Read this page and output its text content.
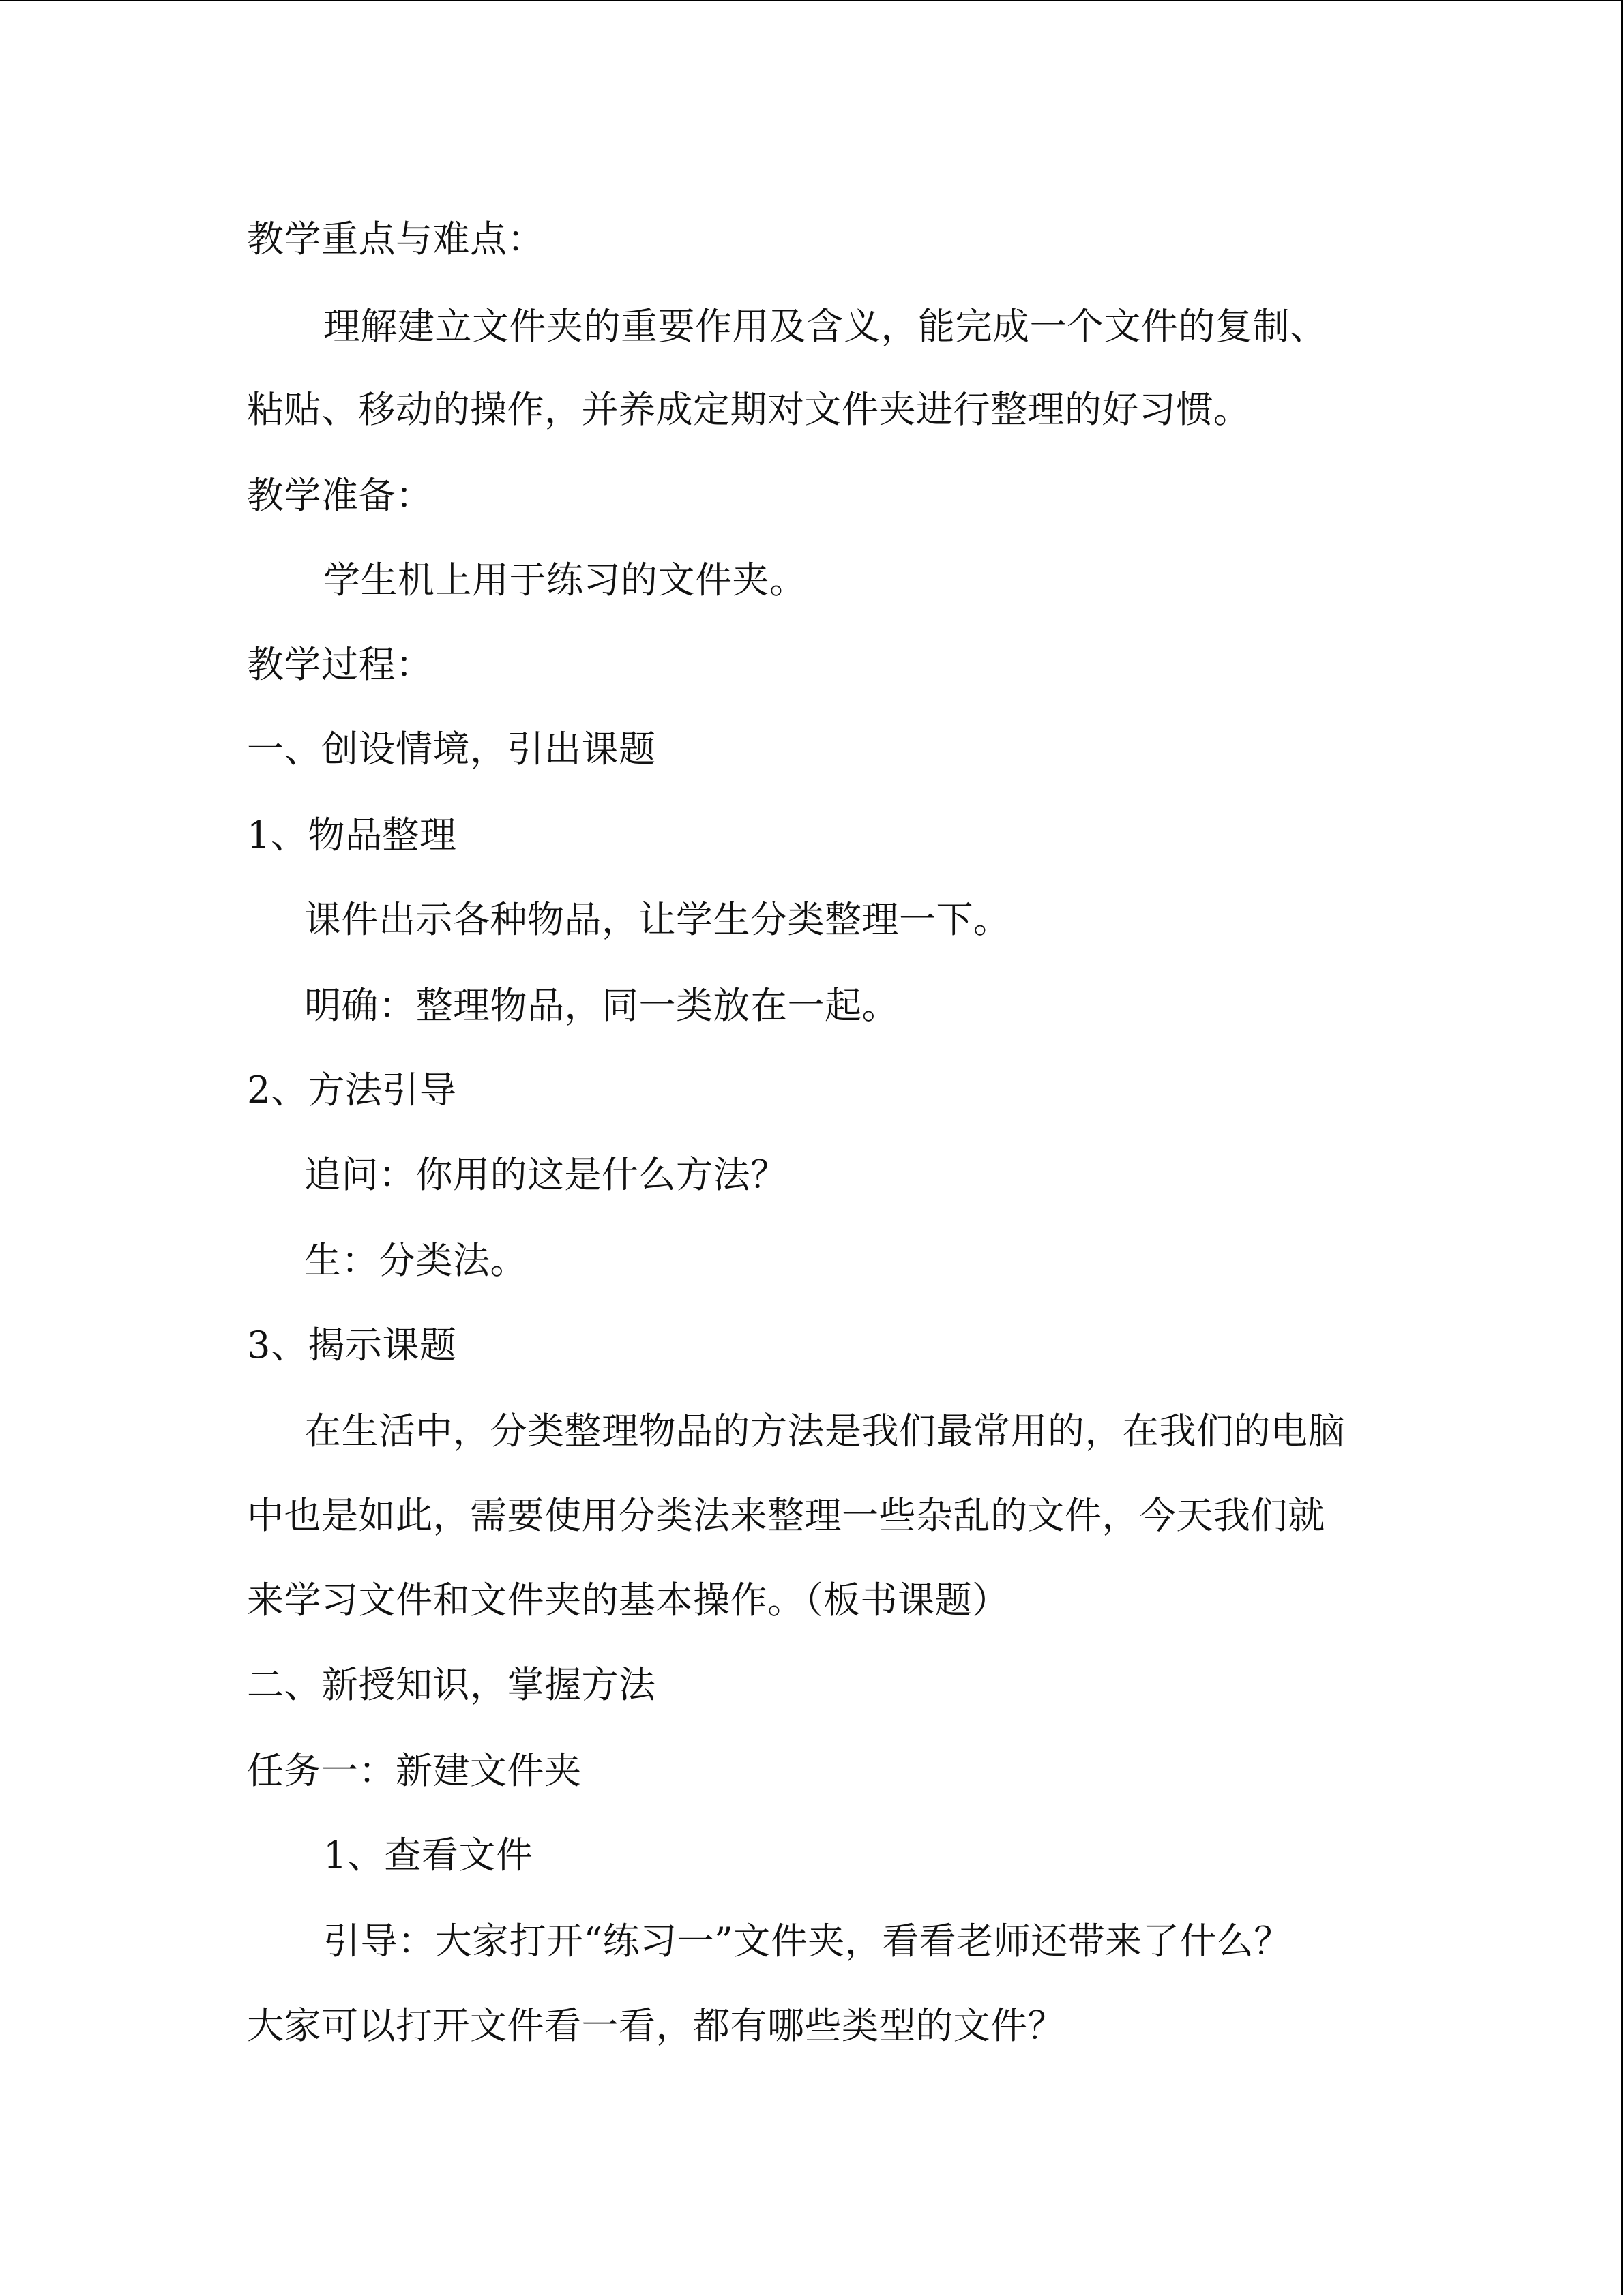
教学重点与难点：
理解建立文件夹的重要作用及含义，能完成一个文件的复制、
粘贴、移动的操作，并养成定期对文件夹进行整理的好习惯。
教学准备：
学生机上用于练习的文件夹。
教学过程：
一、创设情境，引出课题
1、物品整理
课件出示各种物品，让学生分类整理一下。
明确：整理物品，同一类放在一起。
2、方法引导
追问：你用的这是什么方法？
生：分类法。
3、揭示课题
在生活中，分类整理物品的方法是我们最常用的，在我们的电脑
中也是如此，需要使用分类法来整理一些杂乱的文件，今天我们就
来学习文件和文件夹的基本操作。（板书课题）
二、新授知识，掌握方法
任务一：新建文件夹
1、查看文件
引导：大家打开“练习一”文件夹，看看老师还带来了什么？
大家可以打开文件看一看，都有哪些类型的文件？
